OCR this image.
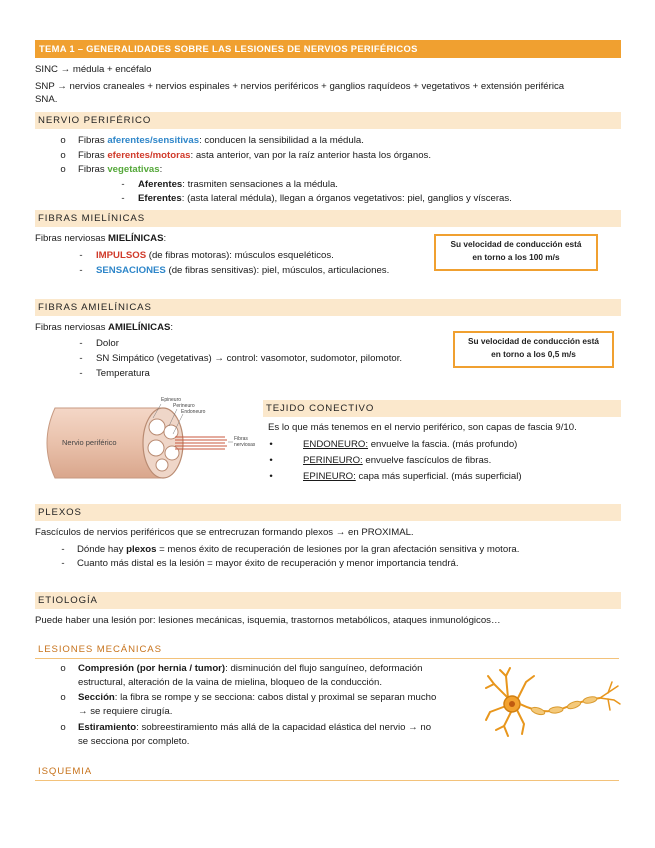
TEMA 1 – GENERALIDADES SOBRE LAS LESIONES DE NERVIOS PERIFÉRICOS
SINC → médula + encéfalo
SNP → nervios craneales + nervios espinales + nervios periféricos + ganglios raquídeos + vegetativos + extensión periférica
SNA.
NERVIO PERIFÉRICO
o	Fibras aferentes/sensitivas: conducen la sensibilidad a la médula.
o	Fibras eferentes/motoras: asta anterior, van por la raíz anterior hasta los órganos.
o	Fibras vegetativas:
-	Aferentes: trasmiten sensaciones a la médula.
-	Eferentes: (asta lateral médula), llegan a órganos vegetativos: piel, ganglios y vísceras.
FIBRAS MIELÍNICAS
Fibras nerviosas MIELÍNICAS:
-	IMPULSOS (de fibras motoras): músculos esqueléticos.
-	SENSACIONES (de fibras sensitivas): piel, músculos, articulaciones.
Su velocidad de conducción está
en torno a los 100 m/s
FIBRAS AMIELÍNICAS
Fibras nerviosas AMIELÍNICAS:
-	Dolor
-	SN Simpático (vegetativas) → control: vasomotor, sudomotor, pilomotor.
-	Temperatura
Su velocidad de conducción está
en torno a los 0,5 m/s
Epineuro
Perineuro
Endoneuro
Fibras
nerviosas
Nervio periférico
TEJIDO CONECTIVO
Es lo que más tenemos en el nervio periférico, son capas de fascia 9/10.
•	ENDONEURO: envuelve la fascia. (más profundo)
•	PERINEURO: envuelve fascículos de fibras.
•	EPINEURO: capa más superficial. (más superficial)
PLEXOS
Fascículos de nervios periféricos que se entrecruzan formando plexos → en PROXIMAL.
-	Dónde hay plexos = menos éxito de recuperación de lesiones por la gran afectación sensitiva y motora.
-	Cuanto más distal es la lesión = mayor éxito de recuperación y menor importancia tendrá.
ETIOLOGÍA
Puede haber una lesión por: lesiones mecánicas, isquemia, trastornos metabólicos, ataques inmunológicos…
LESIONES MECÁNICAS
o	Compresión (por hernia / tumor): disminución del flujo sanguíneo, deformación
estructural, alteración de la vaina de mielina, bloqueo de la conducción.
o	Sección: la fibra se rompe y se secciona: cabos distal y proximal se separan mucho
→ se requiere cirugía.
o	Estiramiento: sobreestiramiento más allá de la capacidad elástica del nervio → no
se secciona por completo.
ISQUEMIA
